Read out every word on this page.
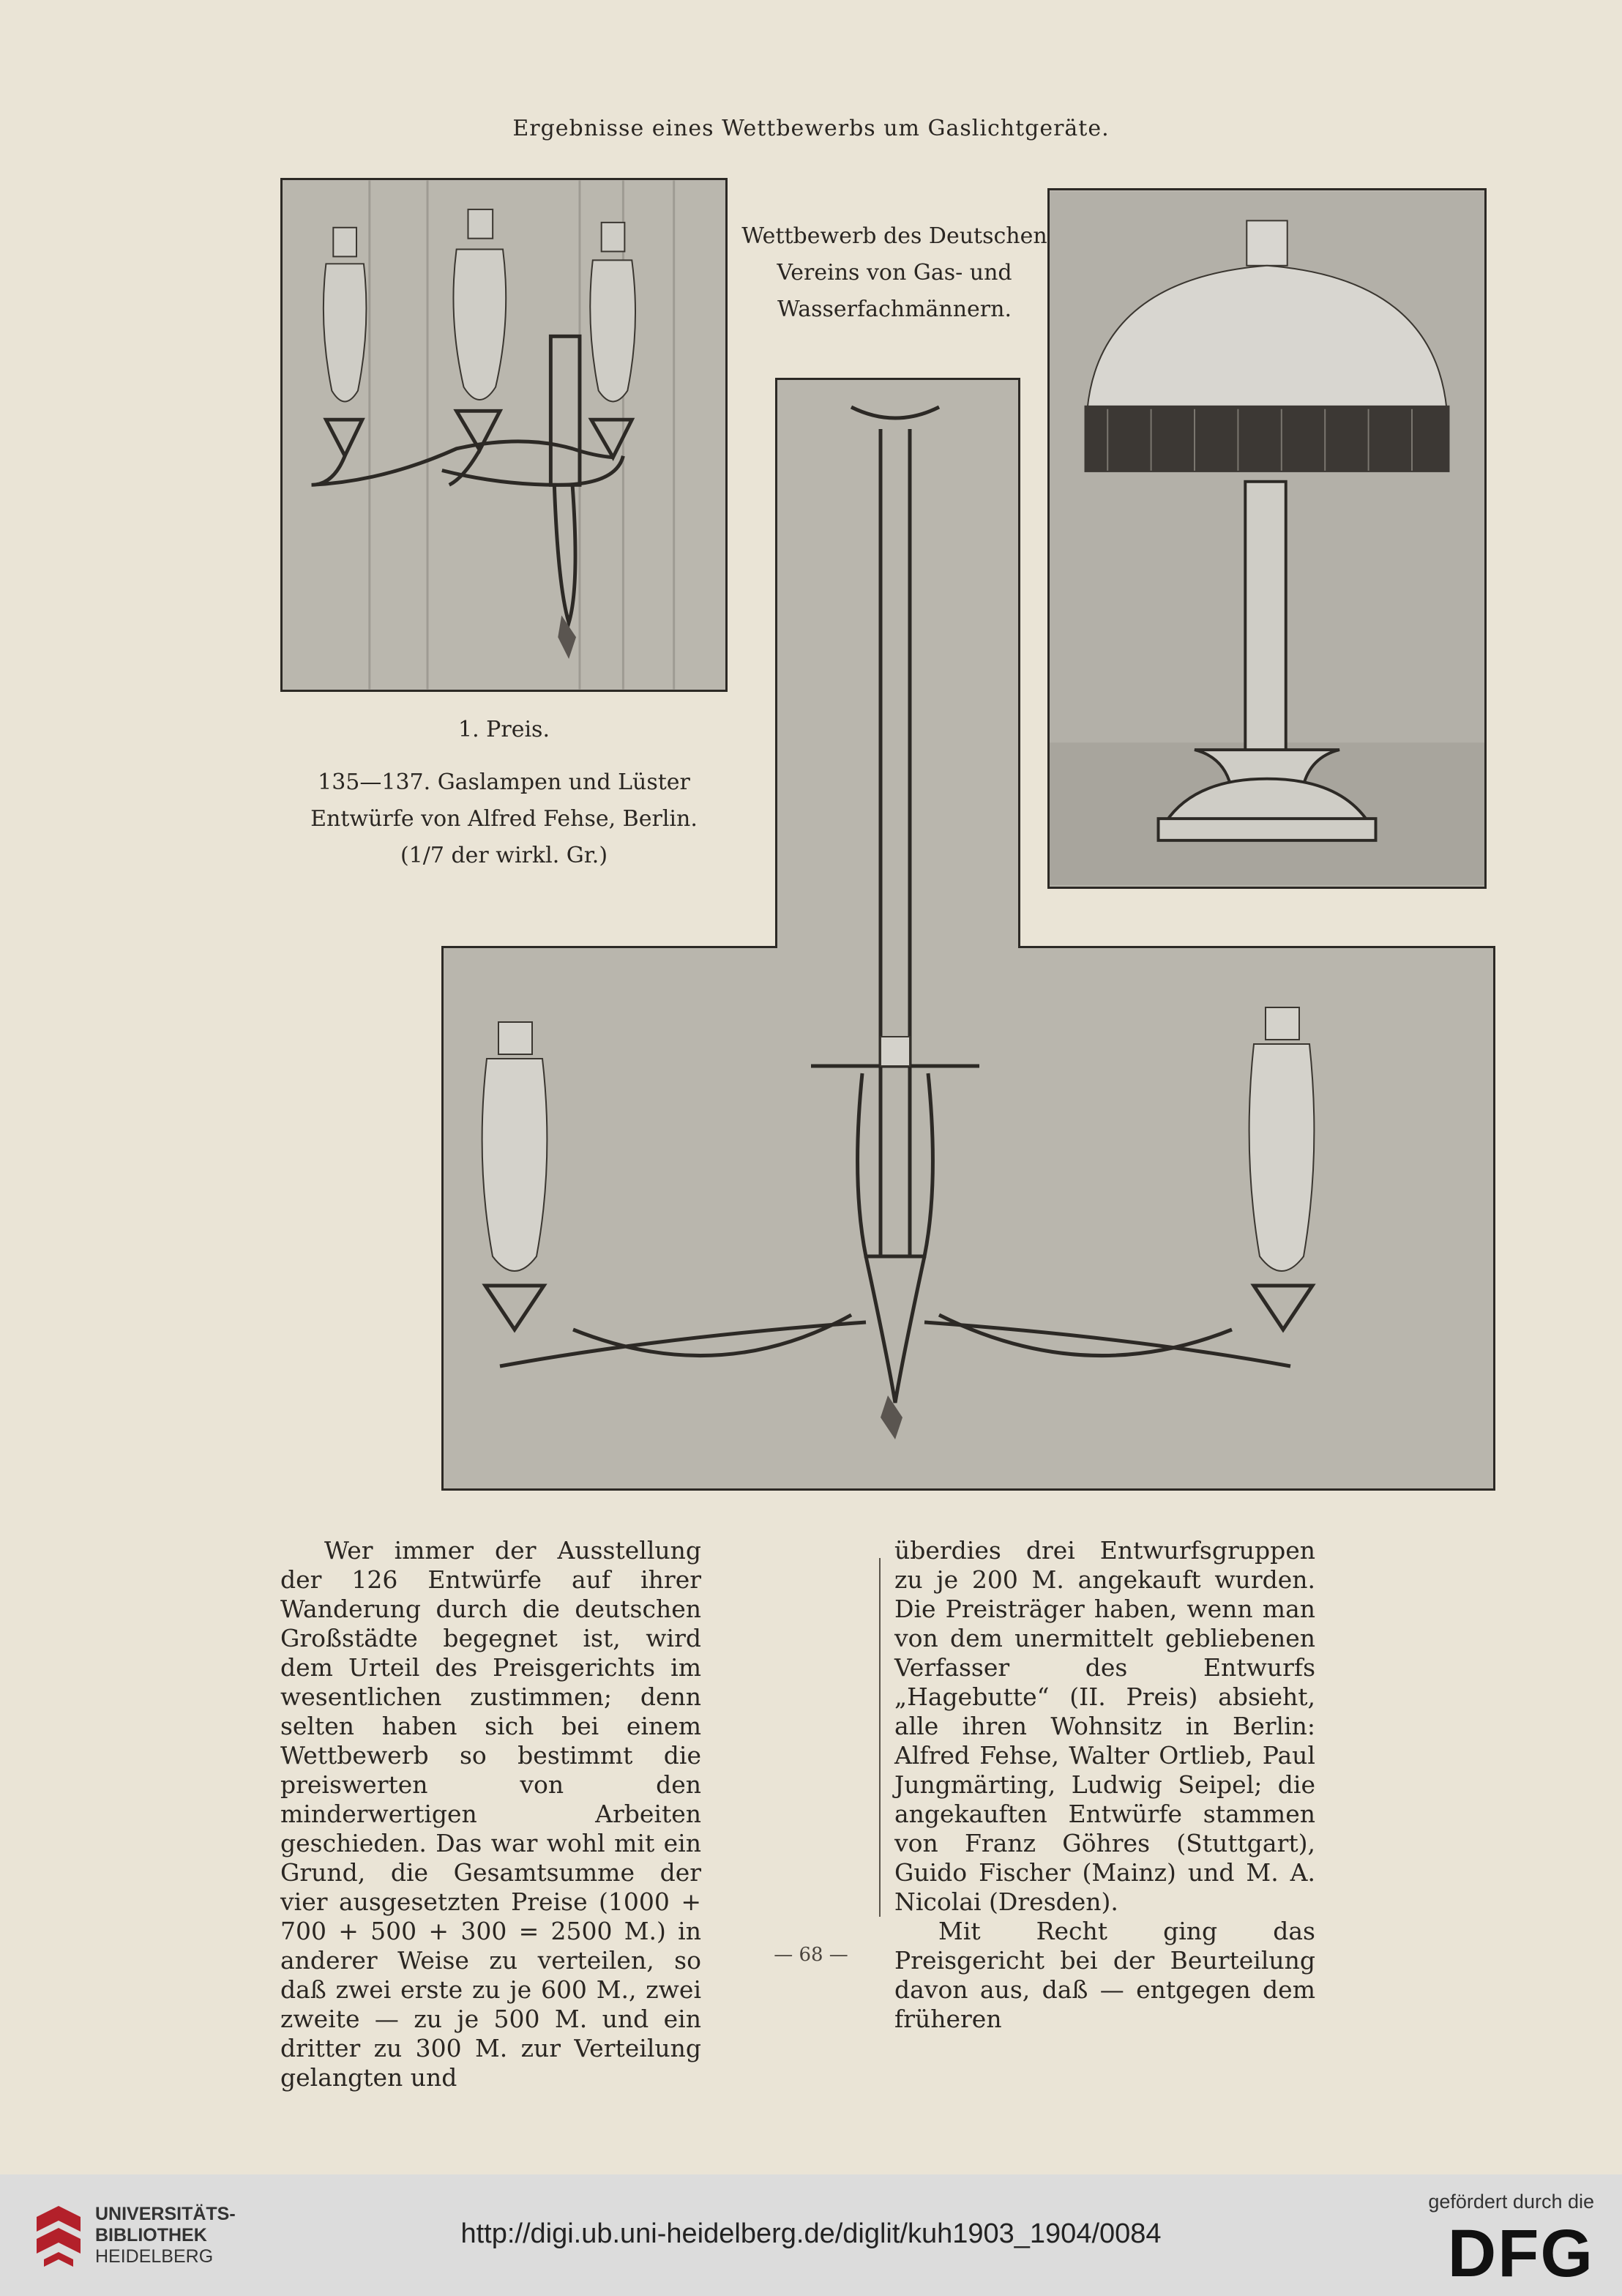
Ergebnisse eines Wettbewerbs um Gaslichtgeräte.
Wettbewerb des Deutschen
Vereins von Gas- und
Wasserfachmännern.
1. Preis.
135—137. Gaslampen und Lüster
Entwürfe von Alfred Fehse, Berlin.
(1/7 der wirkl. Gr.)

Wer immer der Ausstellung der 126 Entwürfe auf ihrer Wanderung durch die deutschen Großstädte begegnet ist, wird dem Urteil des Preisgerichts im wesentlichen zustimmen; denn selten haben sich bei einem Wettbewerb so bestimmt die preiswerten von den minderwertigen Arbeiten geschieden. Das war wohl mit ein Grund, die Gesamtsumme der vier ausgesetzten Preise (1000 + 700 + 500 + 300 = 2500 M.) in anderer Weise zu verteilen, so daß zwei erste zu je 600 M., zwei zweite — zu je 500 M. und ein dritter zu 300 M. zur Verteilung gelangten und

überdies drei Entwurfsgruppen zu je 200 M. angekauft wurden. Die Preisträger haben, wenn man von dem unermittelt gebliebenen Verfasser des Entwurfs „Hagebutte“ (II. Preis) absieht, alle ihren Wohnsitz in Berlin: Alfred Fehse, Walter Ortlieb, Paul Jungmärting, Ludwig Seipel; die angekauften Entwürfe stammen von Franz Göhres (Stuttgart), Guido Fischer (Mainz) und M. A. Nicolai (Dresden).

Mit Recht ging das Preisgericht bei der Beurteilung davon aus, daß — entgegen dem früheren

— 68 —
UNIVERSITÄTS-
BIBLIOTHEK
HEIDELBERG
http://digi.ub.uni-heidelberg.de/diglit/kuh1903_1904/0084
gefördert durch die
DFG
